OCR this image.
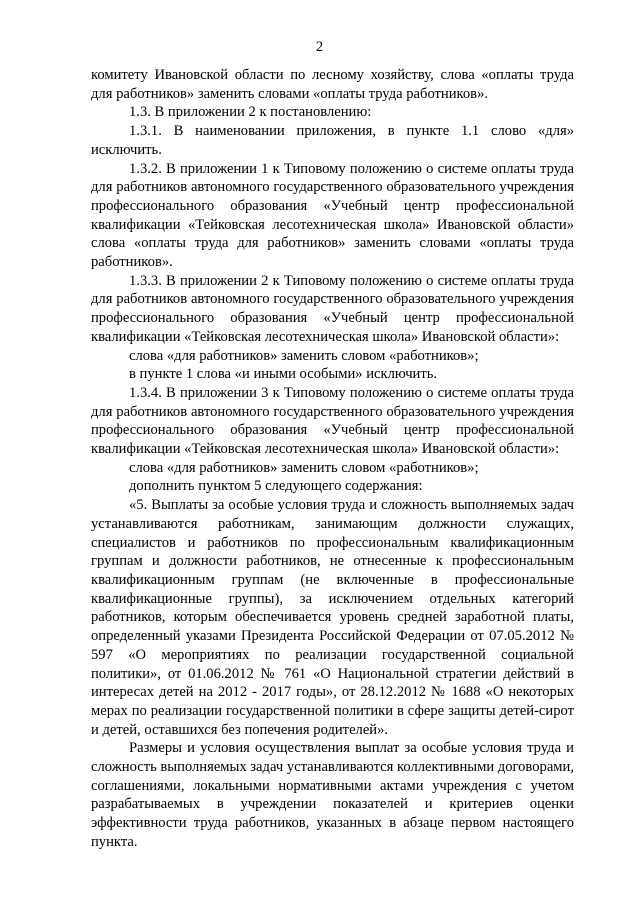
2

комитету Ивановской области по лесному хозяйству, слова «оплаты труда для работников» заменить словами «оплаты труда работников».

1.3. В приложении 2 к постановлению:

1.3.1. В наименовании приложения, в пункте 1.1 слово «для» исключить.

1.3.2. В приложении 1 к Типовому положению о системе оплаты труда для работников автономного государственного образовательного учреждения профессионального образования «Учебный центр профессиональной квалификации «Тейковская лесотехническая школа» Ивановской области» слова «оплаты труда для работников» заменить словами «оплаты труда работников».

1.3.3. В приложении 2 к Типовому положению о системе оплаты труда для работников автономного государственного образовательного учреждения профессионального образования «Учебный центр профессиональной квалификации «Тейковская лесотехническая школа» Ивановской области»:

слова «для работников» заменить словом «работников»;

в пункте 1 слова «и иными особыми» исключить.

1.3.4. В приложении 3 к Типовому положению о системе оплаты труда для работников автономного государственного образовательного учреждения профессионального образования «Учебный центр профессиональной квалификации «Тейковская лесотехническая школа» Ивановской области»:

слова «для работников» заменить словом «работников»;

дополнить пунктом 5 следующего содержания:

«5. Выплаты за особые условия труда и сложность выполняемых задач устанавливаются работникам, занимающим должности служащих, специалистов и работников по профессиональным квалификационным группам и должности работников, не отнесенные к профессиональным квалификационным группам (не включенные в профессиональные квалификационные группы), за исключением отдельных категорий работников, которым обеспечивается уровень средней заработной платы, определенный указами Президента Российской Федерации от 07.05.2012 № 597 «О мероприятиях по реализации государственной социальной политики», от 01.06.2012 № 761 «О Национальной стратегии действий в интересах детей на 2012 - 2017 годы», от 28.12.2012 № 1688 «О некоторых мерах по реализации государственной политики в сфере защиты детей-сирот и детей, оставшихся без попечения родителей».

Размеры и условия осуществления выплат за особые условия труда и сложность выполняемых задач устанавливаются коллективными договорами, соглашениями, локальными нормативными актами учреждения с учетом разрабатываемых в учреждении показателей и критериев оценки эффективности труда работников, указанных в абзаце первом настоящего пункта.
